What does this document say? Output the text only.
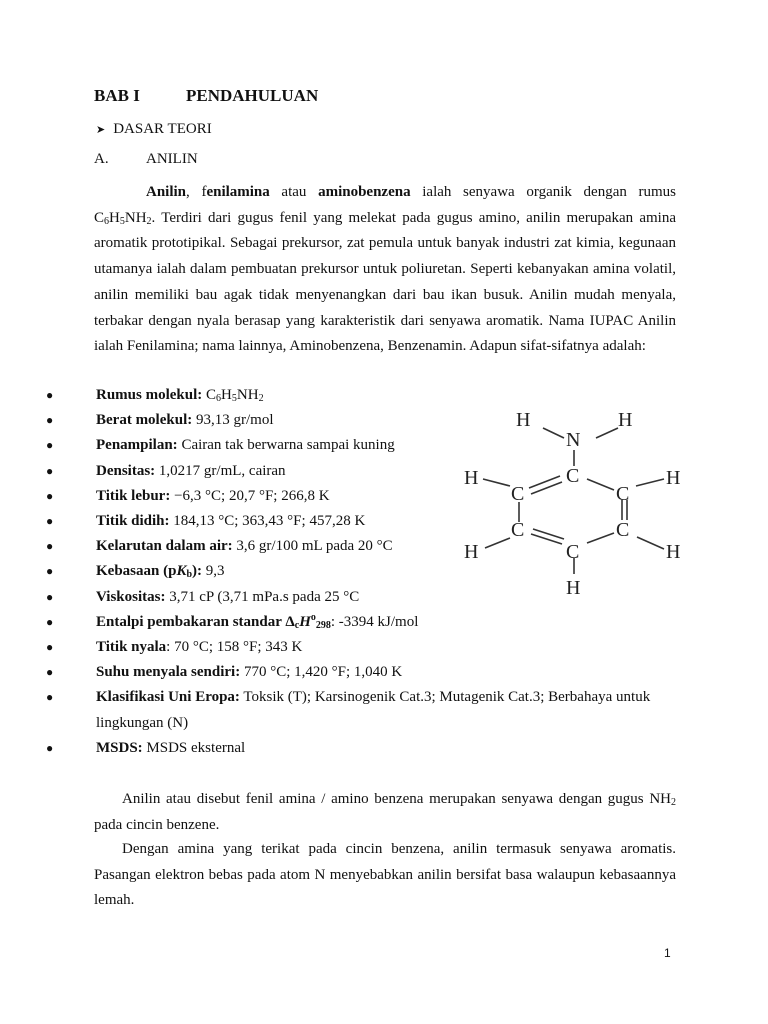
BAB I	PENDAHULUAN
➤ DASAR TEORI
A. ANILIN

Anilin, fenilamina atau aminobenzena ialah senyawa organik dengan rumus $C_6H_5NH_2$. Terdiri dari gugus fenil yang melekat pada gugus amino, anilin merupakan amina aromatik prototipikal. Sebagai prekursor, zat pemula untuk banyak industri zat kimia, kegunaan utamanya ialah dalam pembuatan prekursor untuk poliuretan. Seperti kebanyakan amina volatil, anilin memiliki bau agak tidak menyenangkan dari bau ikan busuk. Anilin mudah menyala, terbakar dengan nyala berasap yang karakteristik dari senyawa aromatik. Nama IUPAC Anilin ialah Fenilamina; nama lainnya, Aminobenzena, Benzenamin. Adapun sifat-sifatnya adalah:

●	Rumus molekul: $C_6H_5NH_2$
●	Berat molekul: 93,13 gr/mol
●	Penampilan: Cairan tak berwarna sampai kuning
●	Densitas: 1,0217 gr/mL, cairan
●	Titik lebur: −6,3 °C; 20,7 °F; 266,8 K
●	Titik didih: 184,13 °C; 363,43 °F; 457,28 K
●	Kelarutan dalam air: 3,6 gr/100 mL pada 20 °C
●	Kebasaan $(pK_b)$: 9,3
●	Viskositas: 3,71 cP (3,71 mPa.s pada 25 °C
●	Entalpi pembakaran standar $\Delta_cH^o_{298}$: -3394 kJ/mol
●	Titik nyala: 70 °C; 158 °F; 343 K
●	Suhu menyala sendiri: 770 °C; 1,420 °F; 1,040 K
●	Klasifikasi Uni Eropa: Toksik (T); Karsinogenik Cat.3; Mutagenik Cat.3; Berbahaya untuk lingkungan (N)
●	MSDS: MSDS eksternal
H	H
N
C
H
C	C
H
C	C
H	H
C
H

Anilin atau disebut fenil amina / amino benzena merupakan senyawa dengan gugus $NH_2$ pada cincin benzene.

Dengan amina yang terikat pada cincin benzena, anilin termasuk senyawa aromatis. Pasangan elektron bebas pada atom N menyebabkan anilin bersifat basa walaupun kebasaannya lemah.

1
